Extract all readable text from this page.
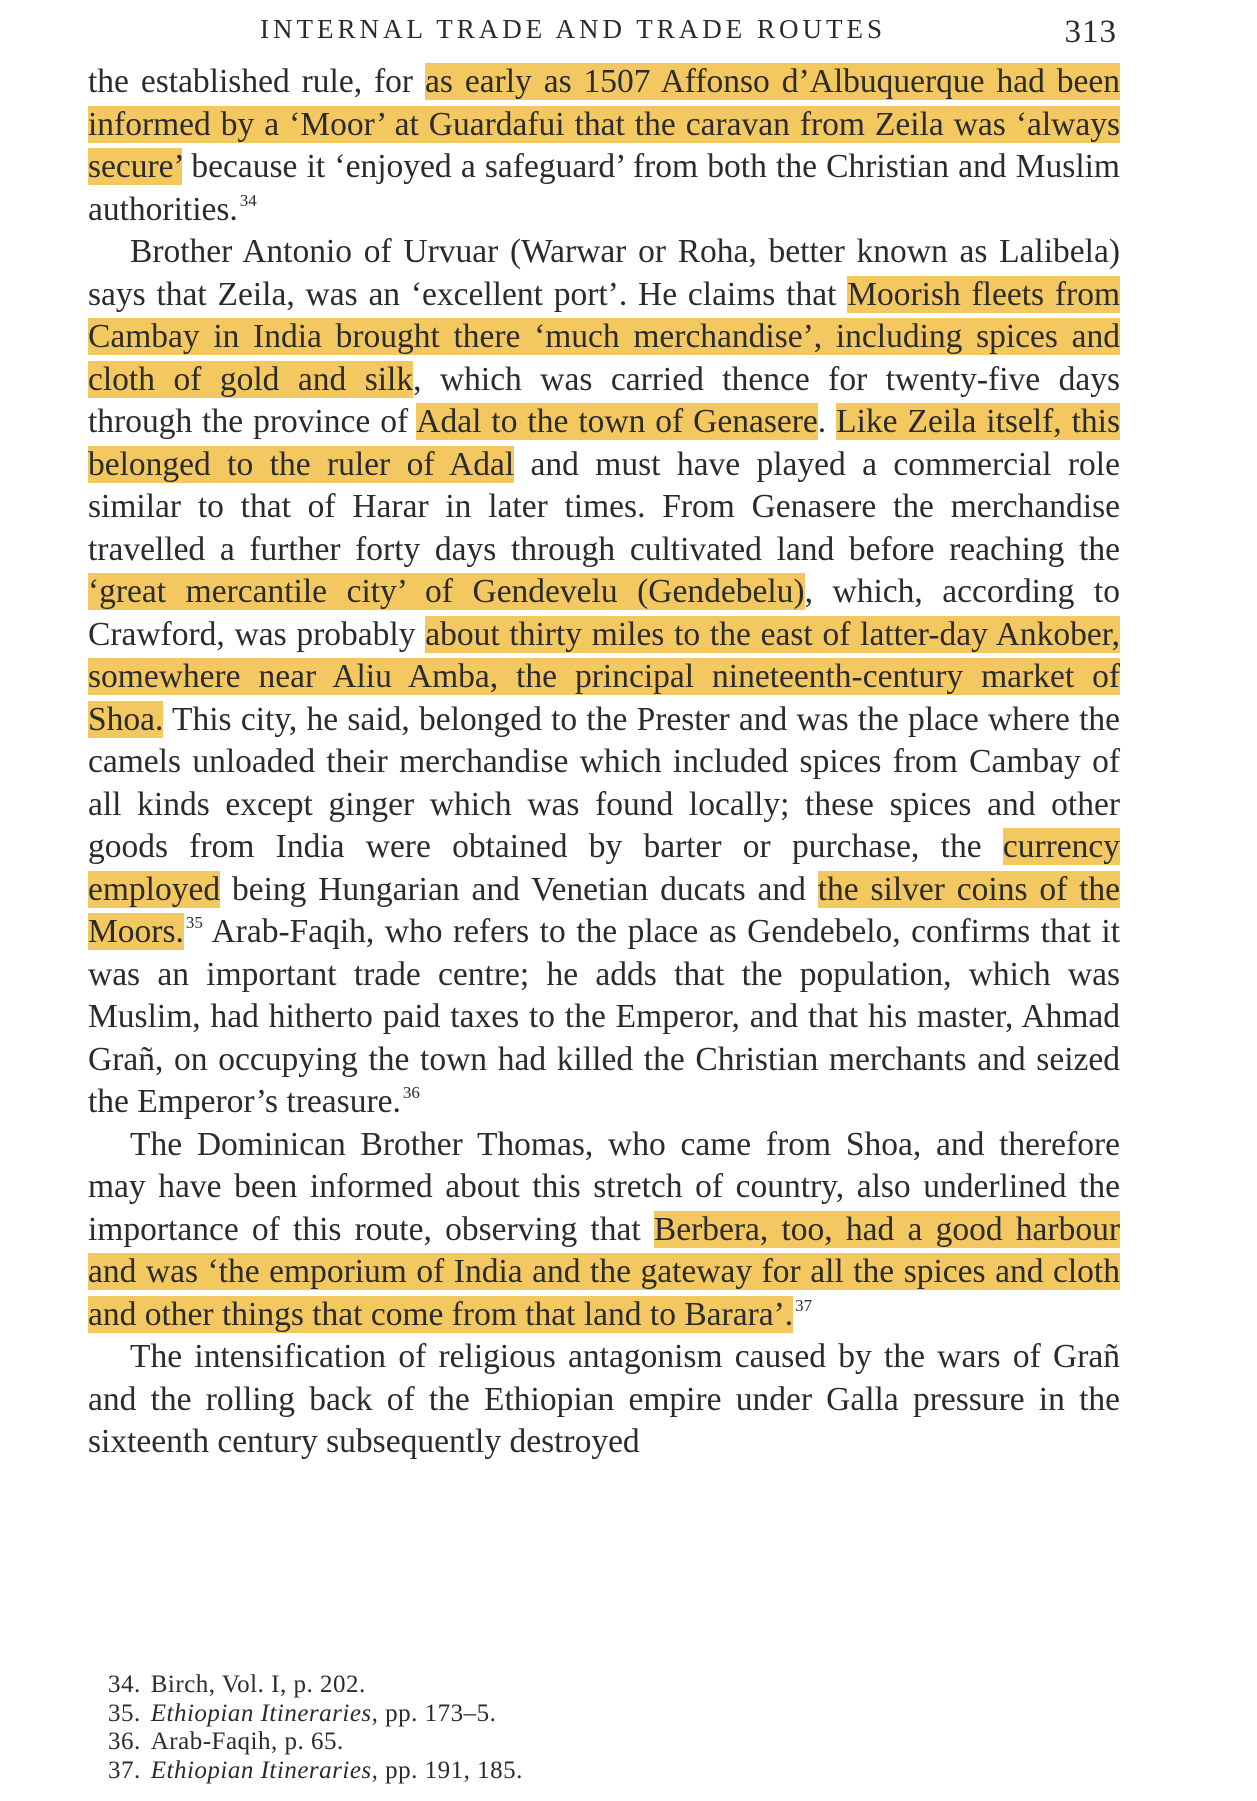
INTERNAL TRADE AND TRADE ROUTES	313

the established rule, for as early as 1507 Affonso d’Albuquerque had been informed by a ‘Moor’ at Guardafui that the caravan from Zeila was ‘always secure’ because it ‘enjoyed a safeguard’ from both the Christian and Muslim authorities. $^{34}$

Brother Antonio of Urvuar (Warwar or Roha, better known as Lalibela) says that Zeila, was an ‘excellent port’. He claims that Moorish fleets from Cambay in India brought there ‘much merchandise’, including spices and cloth of gold and silk, which was carried thence for twenty-five days through the province of Adal to the town of Genasere. Like Zeila itself, this belonged to the ruler of Adal and must have played a commercial role similar to that of Harar in later times. From Genasere the merchandise travelled a further forty days through cultivated land before reaching the ‘great mercantile city’ of Gendevelu (Gendebelu), which, according to Crawford, was probably about thirty miles to the east of latter-day Ankober, somewhere near Aliu Amba, the principal nineteenth-century market of Shoa. This city, he said, belonged to the Prester and was the place where the camels unloaded their merchandise which included spices from Cambay of all kinds except ginger which was found locally; these spices and other goods from India were obtained by barter or purchase, the currency employed being Hungarian and Venetian ducats and the silver coins of the Moors. $^{35}$ Arab-Faqih, who refers to the place as Gendebelo, confirms that it was an important trade centre; he adds that the population, which was Muslim, had hitherto paid taxes to the Emperor, and that his master, Ahmad Grañ, on occupying the town had killed the Christian merchants and seized the Emperor’s treasure. $^{36}$

The Dominican Brother Thomas, who came from Shoa, and therefore may have been informed about this stretch of country, also underlined the importance of this route, observing that Berbera, too, had a good harbour and was ‘the emporium of India and the gateway for all the spices and cloth and other things that come from that land to Barara’. $^{37}$

The intensification of religious antagonism caused by the wars of Grañ and the rolling back of the Ethiopian empire under Galla pressure in the sixteenth century subsequently destroyed

34. Birch, Vol. I, p. 202.
35. Ethiopian Itineraries, pp. 173–5.
36. Arab-Faqih, p. 65.
37. Ethiopian Itineraries, pp. 191, 185.
